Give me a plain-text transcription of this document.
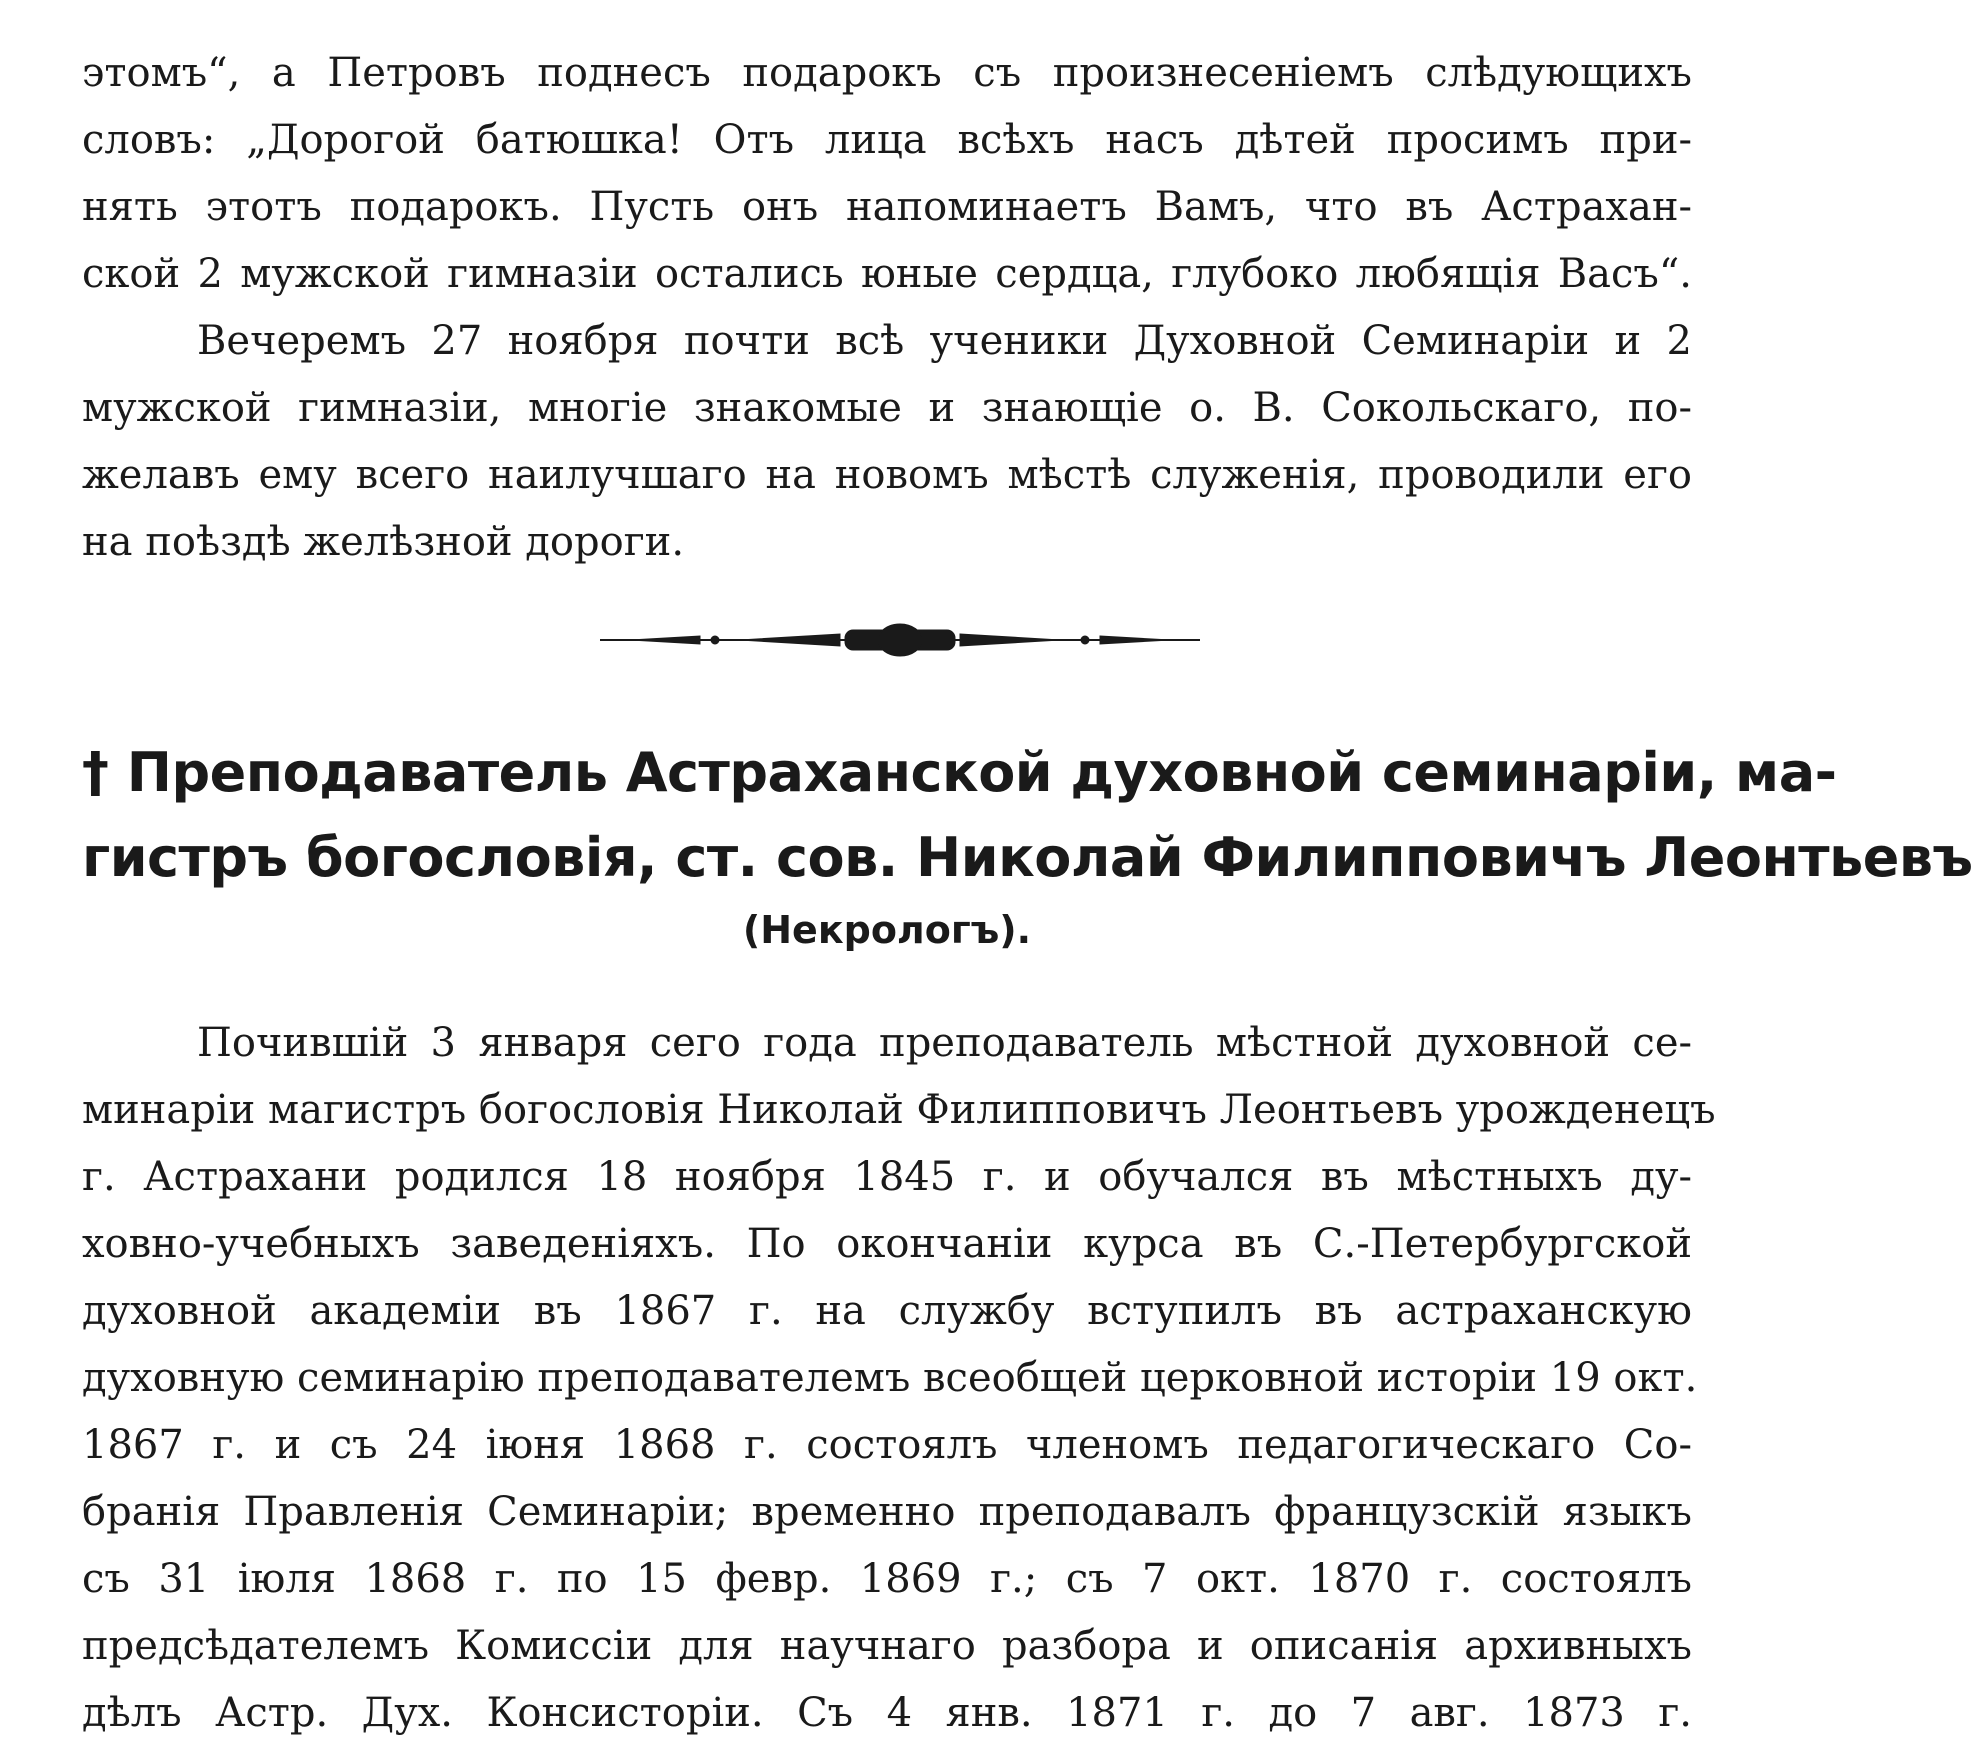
этомъ“, а Петровъ поднесъ подарокъ съ произнесеніемъ слѣдующихъ
словъ: „Дорогой батюшка! Отъ лица всѣхъ насъ дѣтей просимъ при-
нять этотъ подарокъ. Пусть онъ напоминаетъ Вамъ, что въ Астрахан-
ской 2 мужской гимназіи остались юные сердца, глубоко любящія Васъ“.
Вечеремъ 27 ноября почти всѣ ученики Духовной Семинаріи и 2
мужской гимназіи, многіе знакомые и знающіе о. В. Сокольскаго, по-
желавъ ему всего наилучшаго на новомъ мѣстѣ служенія, проводили его
на поѣздѣ желѣзной дороги.
† Преподаватель Астраханской духовной семинаріи, ма-
гистръ богословія, ст. сов. Николай Филипповичъ Леонтьевъ
(Некрологъ).
Почившій 3 января сего года преподаватель мѣстной духовной се-
минаріи магистръ богословія Николай Филипповичъ Леонтьевъ урожденецъ
г. Астрахани родился 18 ноября 1845 г. и обучался въ мѣстныхъ ду-
ховно-учебныхъ заведеніяхъ. По окончаніи курса въ С.-Петербургской
духовной академіи въ 1867 г. на службу вступилъ въ астраханскую
духовную семинарію преподавателемъ всеобщей церковной исторіи 19 окт.
1867 г. и съ 24 іюня 1868 г. состоялъ членомъ педагогическаго Со-
бранія Правленія Семинаріи; временно преподавалъ французскій языкъ
съ 31 іюля 1868 г. по 15 февр. 1869 г.; съ 7 окт. 1870 г. состоялъ
предсѣдателемъ Комиссіи для научнаго разбора и описанія архивныхъ
дѣлъ Астр. Дух. Консисторіи. Съ 4 янв. 1871 г. до 7 авг. 1873 г.
